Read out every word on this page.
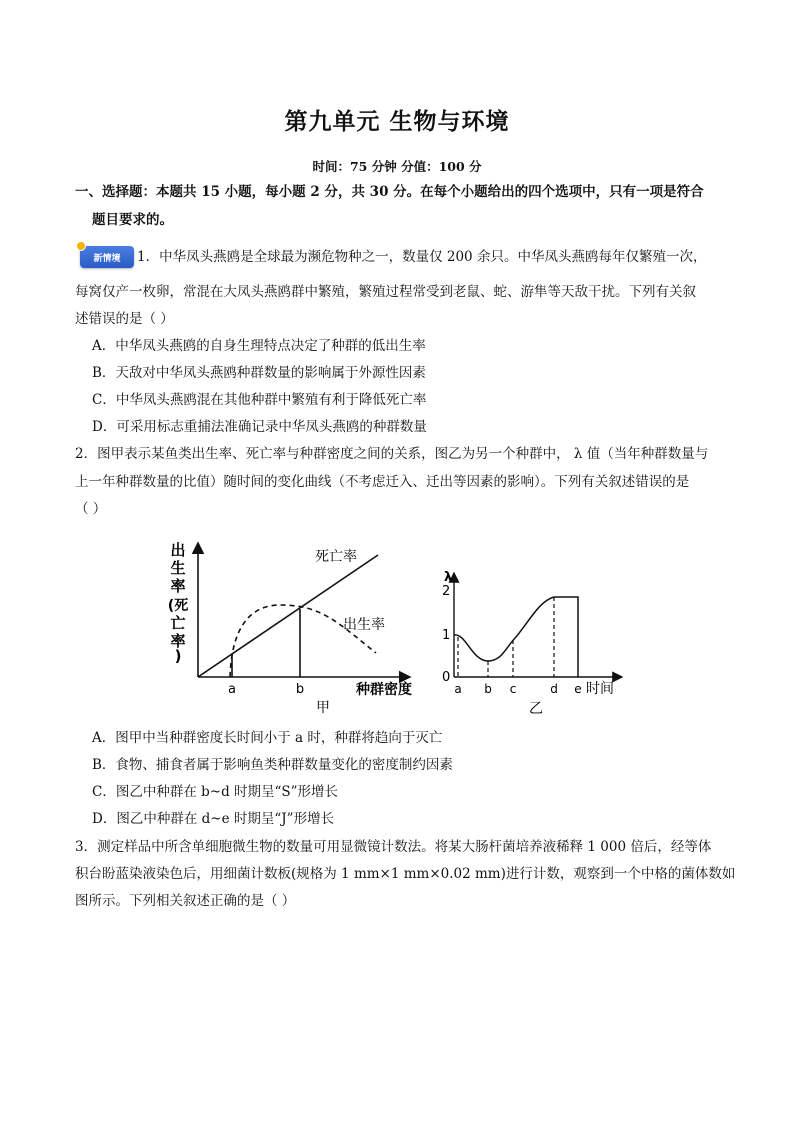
第九单元 生物与环境
时间：75 分钟 分值：100 分
一、选择题：本题共 15 小题，每小题 2 分，共 30 分。在每个小题给出的四个选项中，只有一项是符合
题目要求的。
新情境	1．中华凤头燕鸥是全球最为濒危物种之一，数量仅 200 余只。中华凤头燕鸥每年仅繁殖一次，
每窝仅产一枚卵，常混在大凤头燕鸥群中繁殖，繁殖过程常受到老鼠、蛇、游隼等天敌干扰。下列有关叙
述错误的是（ ）
A．中华凤头燕鸥的自身生理特点决定了种群的低出生率
B．天敌对中华凤头燕鸥种群数量的影响属于外源性因素
C．中华凤头燕鸥混在其他种群中繁殖有利于降低死亡率
D．可采用标志重捕法准确记录中华凤头燕鸥的种群数量
2．图甲表示某鱼类出生率、死亡率与种群密度之间的关系，图乙为另一个种群中， λ 值（当年种群数量与
上一年种群数量的比值）随时间的变化曲线（不考虑迁入、迁出等因素的影响）。下列有关叙述错误的是
（ ）
出
生
率
(死
亡
率
)
死亡率
出生率
a	b	种群密度
甲
λ
2
1
0
a b c	d e 时间
乙
A．图甲中当种群密度长时间小于 a 时，种群将趋向于灭亡
B．食物、捕食者属于影响鱼类种群数量变化的密度制约因素
C．图乙中种群在 b~d 时期呈“S”形增长
D．图乙中种群在 d~e 时期呈“J”形增长
3．测定样品中所含单细胞微生物的数量可用显微镜计数法。将某大肠杆菌培养液稀释 1 000 倍后，经等体
积台盼蓝染液染色后，用细菌计数板(规格为 1 mm×1 mm×0.02 mm)进行计数，观察到一个中格的菌体数如
图所示。下列相关叙述正确的是（ ）
